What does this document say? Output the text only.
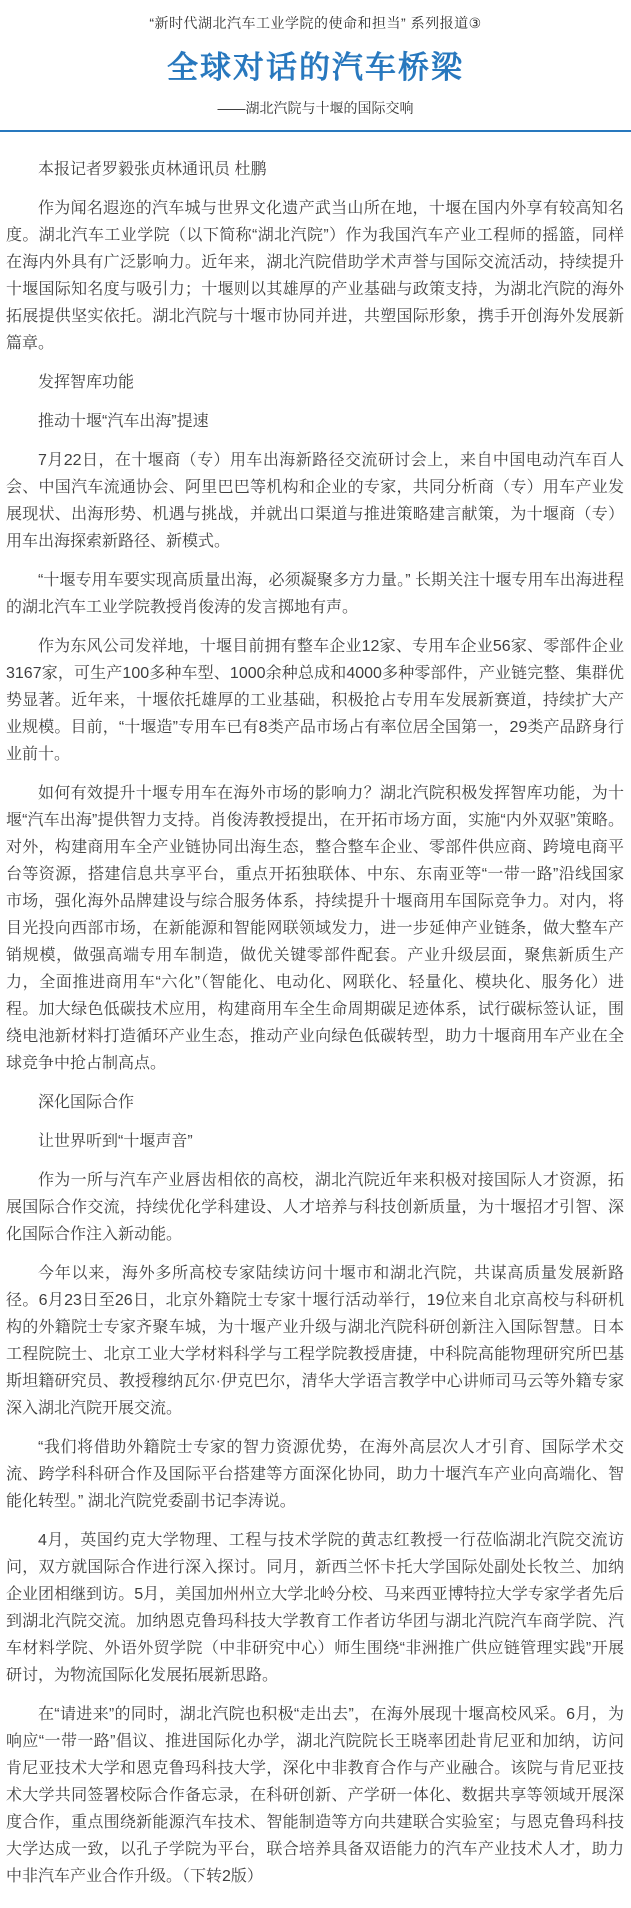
“新时代湖北汽车工业学院的使命和担当” 系列报道③
全球对话的汽车桥梁
——湖北汽院与十堰的国际交响

本报记者罗毅张贞林通讯员 杜鹏

作为闻名遐迩的汽车城与世界文化遗产武当山所在地，十堰在国内外享有较高知名度。湖北汽车工业学院（以下简称“湖北汽院”）作为我国汽车产业工程师的摇篮，同样在海内外具有广泛影响力。近年来，湖北汽院借助学术声誉与国际交流活动，持续提升十堰国际知名度与吸引力；十堰则以其雄厚的产业基础与政策支持，为湖北汽院的海外拓展提供坚实依托。湖北汽院与十堰市协同并进，共塑国际形象，携手开创海外发展新篇章。

发挥智库功能

推动十堰“汽车出海”提速

7月22日，在十堰商（专）用车出海新路径交流研讨会上，来自中国电动汽车百人会、中国汽车流通协会、阿里巴巴等机构和企业的专家，共同分析商（专）用车产业发展现状、出海形势、机遇与挑战，并就出口渠道与推进策略建言献策，为十堰商（专）用车出海探索新路径、新模式。

“十堰专用车要实现高质量出海，必须凝聚多方力量。” 长期关注十堰专用车出海进程的湖北汽车工业学院教授肖俊涛的发言掷地有声。

作为东风公司发祥地，十堰目前拥有整车企业12家、专用车企业56家、零部件企业3167家，可生产100多种车型、1000余种总成和4000多种零部件，产业链完整、集群优势显著。近年来，十堰依托雄厚的工业基础，积极抢占专用车发展新赛道，持续扩大产业规模。目前，“十堰造”专用车已有8类产品市场占有率位居全国第一，29类产品跻身行业前十。

如何有效提升十堰专用车在海外市场的影响力？湖北汽院积极发挥智库功能，为十堰“汽车出海”提供智力支持。肖俊涛教授提出，在开拓市场方面，实施“内外双驱”策略。对外，构建商用车全产业链协同出海生态，整合整车企业、零部件供应商、跨境电商平台等资源，搭建信息共享平台，重点开拓独联体、中东、东南亚等“一带一路”沿线国家市场，强化海外品牌建设与综合服务体系，持续提升十堰商用车国际竞争力。对内，将目光投向西部市场，在新能源和智能网联领域发力，进一步延伸产业链条，做大整车产销规模，做强高端专用车制造，做优关键零部件配套。产业升级层面，聚焦新质生产力，全面推进商用车“六化”（智能化、电动化、网联化、轻量化、模块化、服务化）进程。加大绿色低碳技术应用，构建商用车全生命周期碳足迹体系，试行碳标签认证，围绕电池新材料打造循环产业生态，推动产业向绿色低碳转型，助力十堰商用车产业在全球竞争中抢占制高点。

深化国际合作

让世界听到“十堰声音”

作为一所与汽车产业唇齿相依的高校，湖北汽院近年来积极对接国际人才资源，拓展国际合作交流，持续优化学科建设、人才培养与科技创新质量，为十堰招才引智、深化国际合作注入新动能。

今年以来，海外多所高校专家陆续访问十堰市和湖北汽院，共谋高质量发展新路径。6月23日至26日，北京外籍院士专家十堰行活动举行，19位来自北京高校与科研机构的外籍院士专家齐聚车城，为十堰产业升级与湖北汽院科研创新注入国际智慧。日本工程院院士、北京工业大学材料科学与工程学院教授唐捷，中科院高能物理研究所巴基斯坦籍研究员、教授穆纳瓦尔·伊克巴尔，清华大学语言教学中心讲师司马云等外籍专家深入湖北汽院开展交流。

“我们将借助外籍院士专家的智力资源优势，在海外高层次人才引育、国际学术交流、跨学科科研合作及国际平台搭建等方面深化协同，助力十堰汽车产业向高端化、智能化转型。” 湖北汽院党委副书记李涛说。

4月，英国约克大学物理、工程与技术学院的黄志红教授一行莅临湖北汽院交流访问，双方就国际合作进行深入探讨。同月，新西兰怀卡托大学国际处副处长牧兰、加纳企业团相继到访。5月，美国加州州立大学北岭分校、马来西亚博特拉大学专家学者先后到湖北汽院交流。加纳恩克鲁玛科技大学教育工作者访华团与湖北汽院汽车商学院、汽车材料学院、外语外贸学院（中非研究中心）师生围绕“非洲推广供应链管理实践”开展研讨，为物流国际化发展拓展新思路。

在“请进来”的同时，湖北汽院也积极“走出去”，在海外展现十堰高校风采。6月，为响应“一带一路”倡议、推进国际化办学，湖北汽院院长王晓率团赴肯尼亚和加纳，访问肯尼亚技术大学和恩克鲁玛科技大学，深化中非教育合作与产业融合。该院与肯尼亚技术大学共同签署校际合作备忘录，在科研创新、产学研一体化、数据共享等领域开展深度合作，重点围绕新能源汽车技术、智能制造等方向共建联合实验室；与恩克鲁玛科技大学达成一致，以孔子学院为平台，联合培养具备双语能力的汽车产业技术人才，助力中非汽车产业合作升级。（下转2版）
